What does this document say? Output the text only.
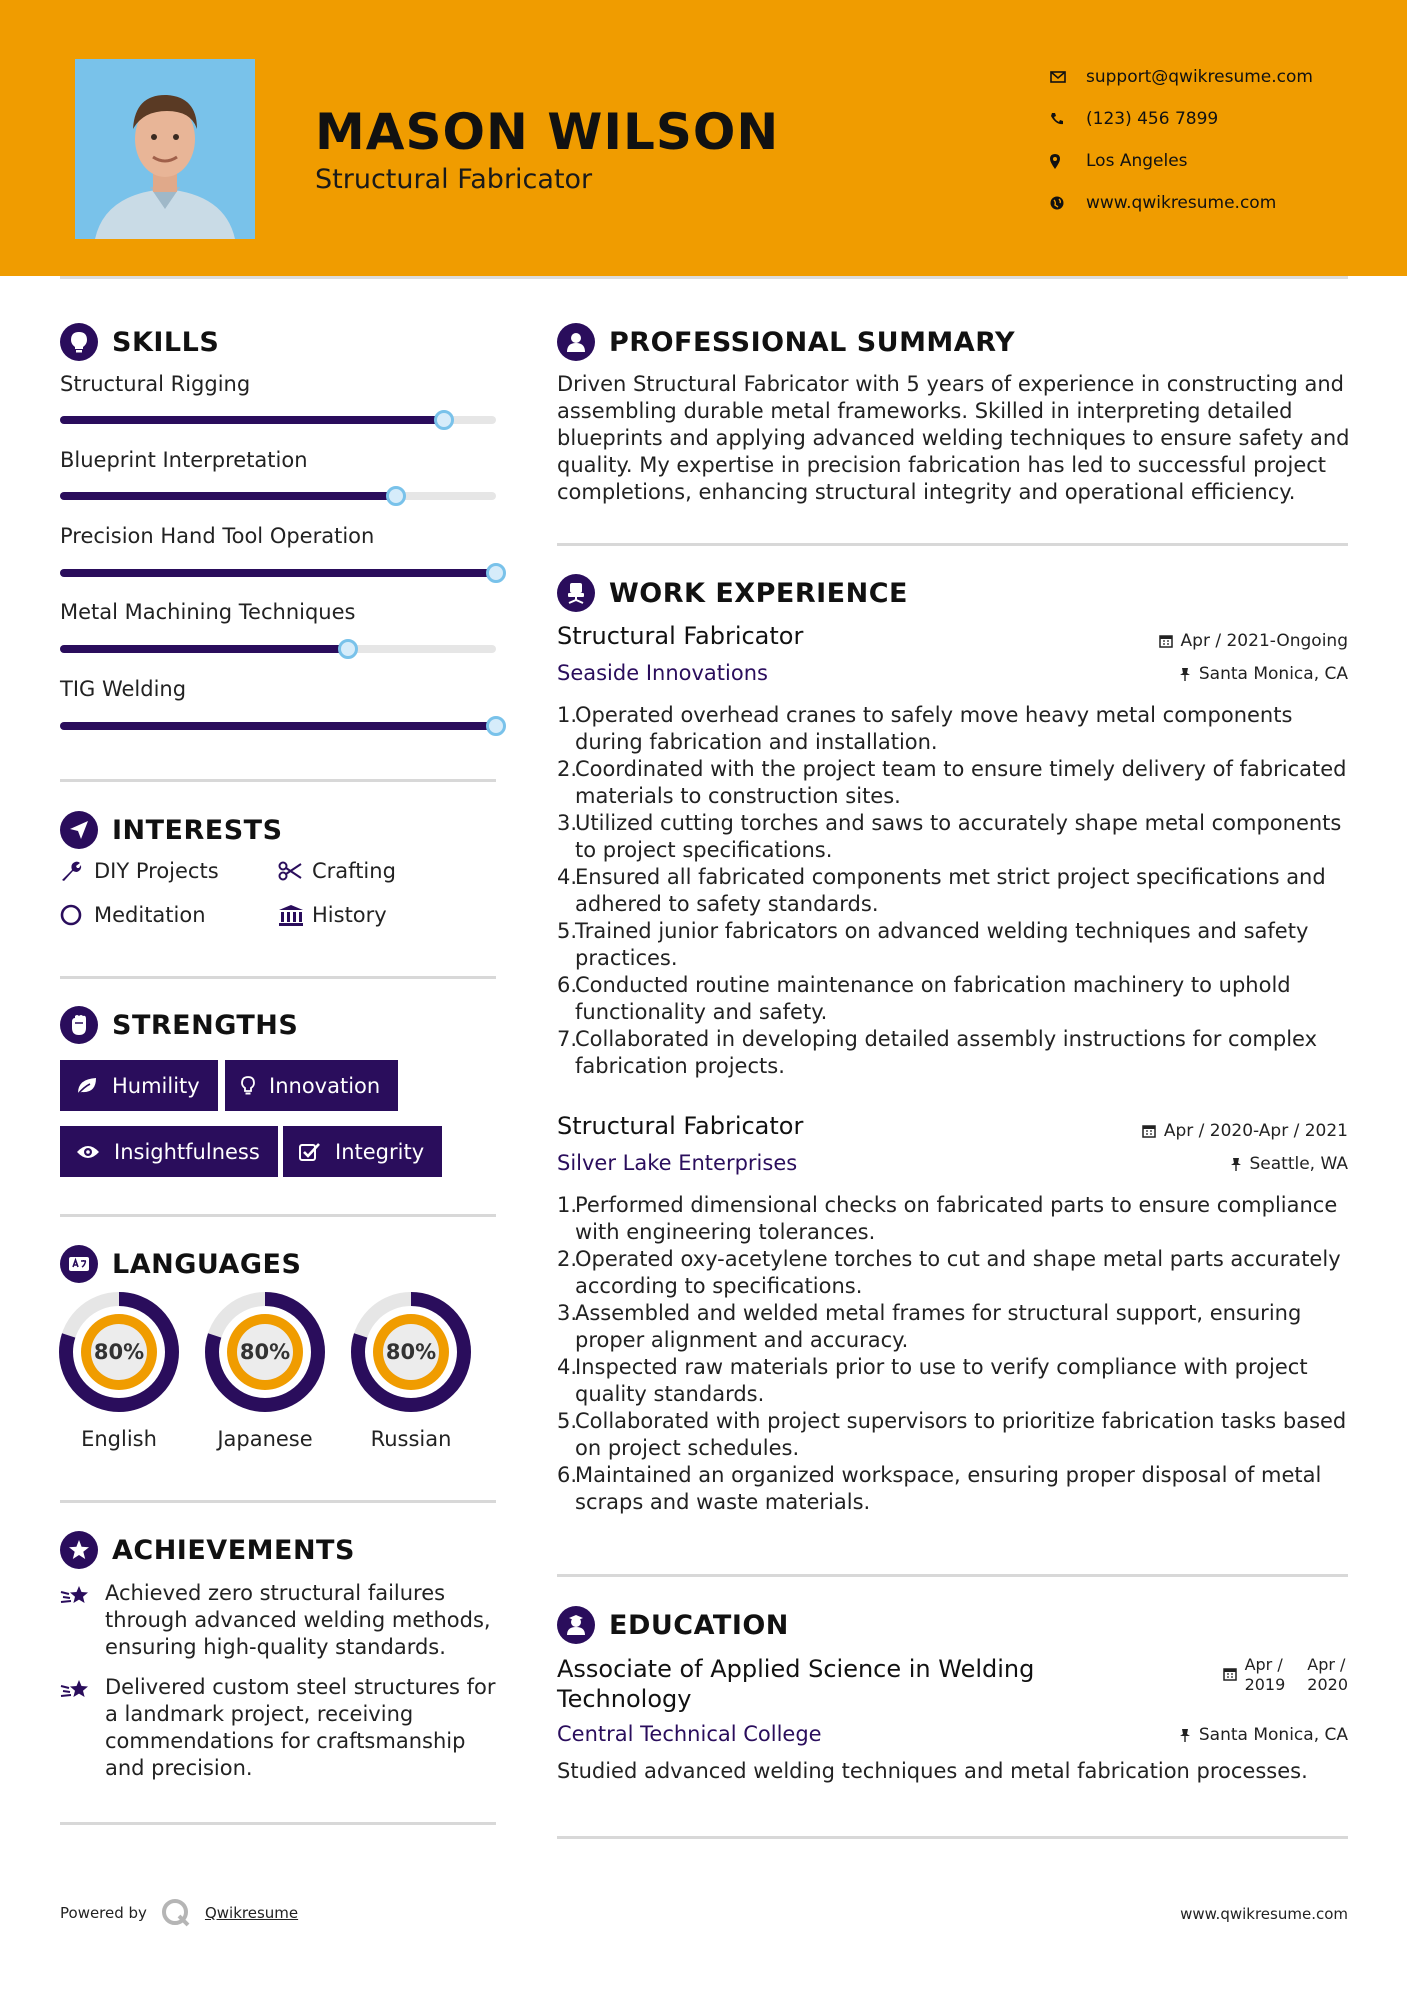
MASON WILSON
Structural Fabricator
support@qwikresume.com
(123) 456 7899
Los Angeles
www.qwikresume.com
SKILLS
Structural Rigging
Blueprint Interpretation
Precision Hand Tool Operation
Metal Machining Techniques
TIG Welding
INTERESTS
DIY Projects	Crafting
Meditation	History
STRENGTHS
Humility	Innovation
Insightfulness	Integrity
LANGUAGES
80%
English
80%
Japanese
80%
Russian
ACHIEVEMENTS
Achieved zero structural failures through advanced welding methods, ensuring high-quality standards.
Delivered custom steel structures for a landmark project, receiving commendations for craftsmanship and precision.
PROFESSIONAL SUMMARY
Driven Structural Fabricator with 5 years of experience in constructing and assembling durable metal frameworks. Skilled in interpreting detailed blueprints and applying advanced welding techniques to ensure safety and quality. My expertise in precision fabrication has led to successful project completions, enhancing structural integrity and operational efficiency.
WORK EXPERIENCE
Structural Fabricator	Apr / 2021-Ongoing
Seaside Innovations	Santa Monica, CA
1.
Operated overhead cranes to safely move heavy metal components during fabrication and installation.
2.
Coordinated with the project team to ensure timely delivery of fabricated materials to construction sites.
3.
Utilized cutting torches and saws to accurately shape metal components to project specifications.
4.
Ensured all fabricated components met strict project specifications and adhered to safety standards.
5.
Trained junior fabricators on advanced welding techniques and safety practices.
6.
Conducted routine maintenance on fabrication machinery to uphold functionality and safety.
7.
Collaborated in developing detailed assembly instructions for complex fabrication projects.
Structural Fabricator	Apr / 2020-Apr / 2021
Silver Lake Enterprises	Seattle, WA
1.
Performed dimensional checks on fabricated parts to ensure compliance with engineering tolerances.
2.
Operated oxy-acetylene torches to cut and shape metal parts accurately according to specifications.
3.
Assembled and welded metal frames for structural support, ensuring proper alignment and accuracy.
4.
Inspected raw materials prior to use to verify compliance with project quality standards.
5.
Collaborated with project supervisors to prioritize fabrication tasks based on project schedules.
6.
Maintained an organized workspace, ensuring proper disposal of metal scraps and waste materials.
EDUCATION
Associate of Applied Science in Welding
Technology
Apr /
2019
Apr /
2020
Central Technical College	Santa Monica, CA
Studied advanced welding techniques and metal fabrication processes.
Powered by	Qwikresume	www.qwikresume.com
